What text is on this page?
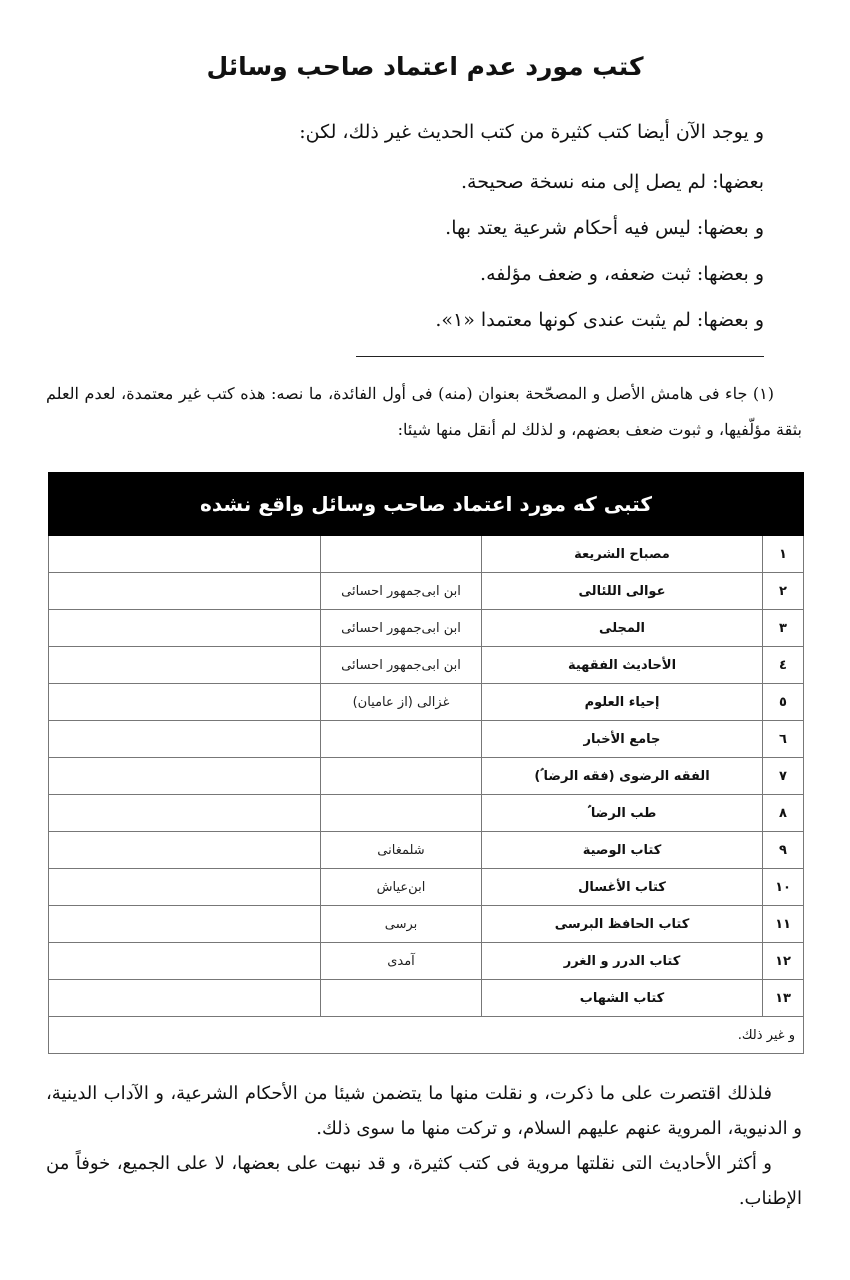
كتب مورد عدم اعتماد صاحب وسائل
و يوجد الآن أيضا كتب كثيرة من كتب الحديث غير ذلك، لكن:
بعضها: لم يصل إلى منه نسخة صحيحة.
و بعضها: ليس فيه أحكام شرعية يعتد بها.
و بعضها: ثبت ضعفه، و ضعف مؤلفه.
و بعضها: لم يثبت عندى كونها معتمدا «١».
(١) جاء فى هامش الأصل و المصحّحة بعنوان (منه) فى أول الفائدة، ما نصه: هذه كتب غير معتمدة، لعدم العلم بثقة مؤلّفيها، و ثبوت ضعف بعضهم، و لذلك لم أنقل منها شيئا:
كتبى كه مورد اعتماد صاحب وسائل واقع نشده			
١	مصباح الشريعة		
٢	عوالى اللئالى	ابن ابى‌جمهور احسائى	
٣	المجلى	ابن ابى‌جمهور احسائى	
٤	الأحاديث الفقهية	ابن ابى‌جمهور احسائى	
٥	إحياء العلوم	غزالى (از عاميان)	
٦	جامع الأخبار		
٧	الفقه الرضوى (فقه الرضا ؑ)		
٨	طب الرضا ؑ		
٩	كتاب الوصية	شلمغانى	
١٠	كتاب الأغسال	ابن‌عياش	
١١	كتاب الحافظ البرسى	برسى	
١٢	كتاب الدرر و الغرر	آمدى	
١٣	كتاب الشهاب		
و غير ذلك.			

فلذلك اقتصرت على ما ذكرت، و نقلت منها ما يتضمن شيئا من الأحكام الشرعية، و الآداب الدينية، و الدنيوية، المروية عنهم عليهم السلام، و تركت منها ما سوى ذلك.

و أكثر الأحاديث التى نقلتها مروية فى كتب كثيرة، و قد نبهت على بعضها، لا على الجميع، خوفاً من الإطناب.
